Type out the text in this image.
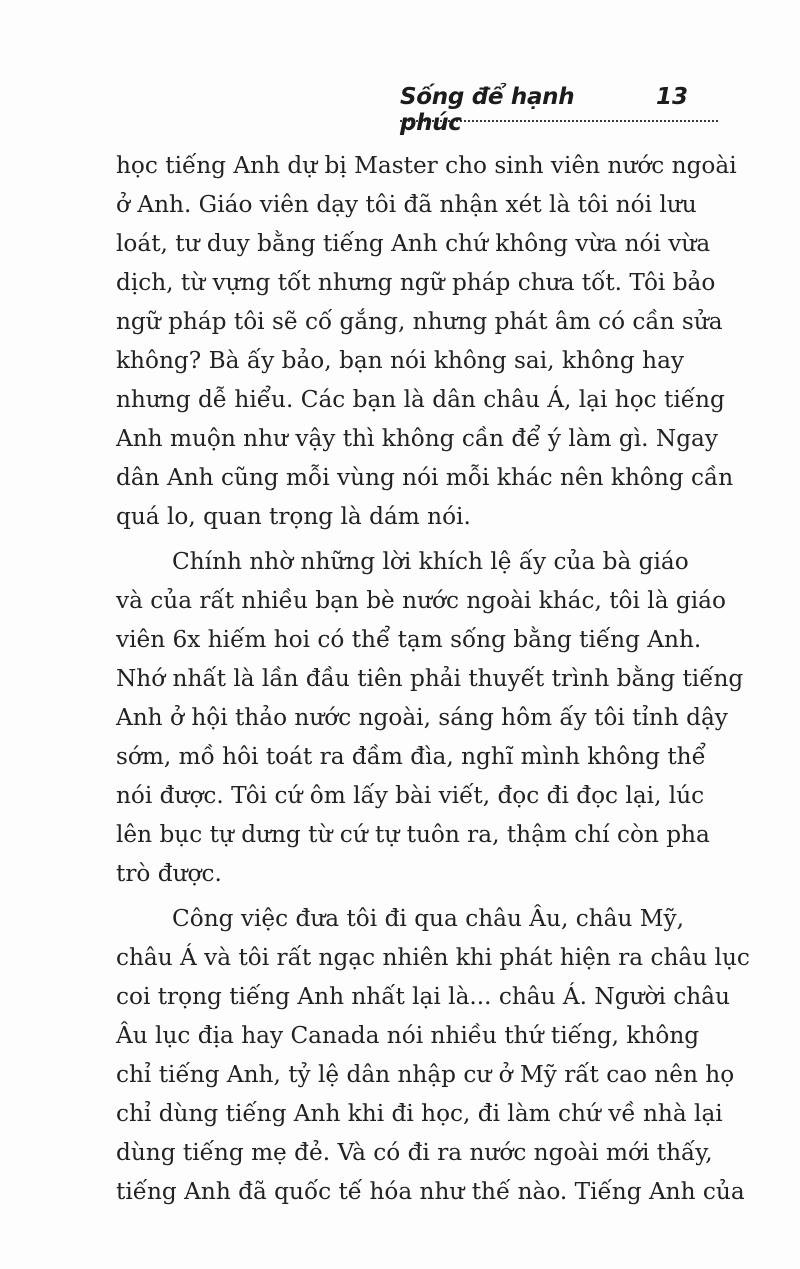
Sống để hạnh phúc
13
học tiếng Anh dự bị Master cho sinh viên nước ngoài
ở Anh. Giáo viên dạy tôi đã nhận xét là tôi nói lưu
loát, tư duy bằng tiếng Anh chứ không vừa nói vừa
dịch, từ vựng tốt nhưng ngữ pháp chưa tốt. Tôi bảo
ngữ pháp tôi sẽ cố gắng, nhưng phát âm có cần sửa
không? Bà ấy bảo, bạn nói không sai, không hay
nhưng dễ hiểu. Các bạn là dân châu Á, lại học tiếng
Anh muộn như vậy thì không cần để ý làm gì. Ngay
dân Anh cũng mỗi vùng nói mỗi khác nên không cần
quá lo, quan trọng là dám nói.
Chính nhờ những lời khích lệ ấy của bà giáo
và của rất nhiều bạn bè nước ngoài khác, tôi là giáo
viên 6x hiếm hoi có thể tạm sống bằng tiếng Anh.
Nhớ nhất là lần đầu tiên phải thuyết trình bằng tiếng
Anh ở hội thảo nước ngoài, sáng hôm ấy tôi tỉnh dậy
sớm, mồ hôi toát ra đầm đìa, nghĩ mình không thể
nói được. Tôi cứ ôm lấy bài viết, đọc đi đọc lại, lúc
lên bục tự dưng từ cứ tự tuôn ra, thậm chí còn pha
trò được.
Công việc đưa tôi đi qua châu Âu, châu Mỹ,
châu Á và tôi rất ngạc nhiên khi phát hiện ra châu lục
coi trọng tiếng Anh nhất lại là... châu Á. Người châu
Âu lục địa hay Canada nói nhiều thứ tiếng, không
chỉ tiếng Anh, tỷ lệ dân nhập cư ở Mỹ rất cao nên họ
chỉ dùng tiếng Anh khi đi học, đi làm chứ về nhà lại
dùng tiếng mẹ đẻ. Và có đi ra nước ngoài mới thấy,
tiếng Anh đã quốc tế hóa như thế nào. Tiếng Anh của
